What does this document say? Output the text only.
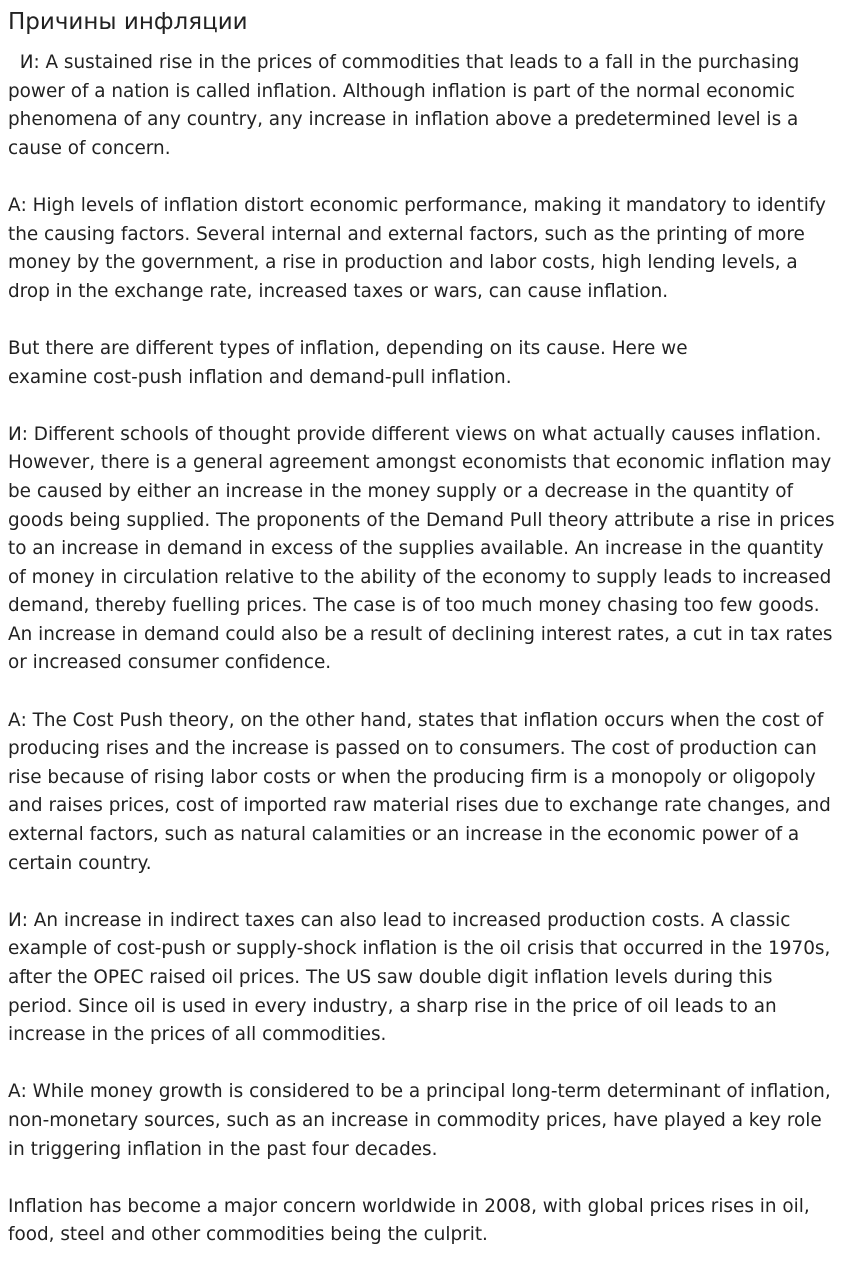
Причины инфляции
И: A sustained rise in the prices of commodities that leads to a fall in the purchasing power of a nation is called inflation. Although inflation is part of the normal economic phenomena of any country, any increase in inflation above a predetermined level is a cause of concern.

А: High levels of inflation distort economic performance, making it mandatory to identify the causing factors. Several internal and external factors, such as the printing of more money by the government, a rise in production and labor costs, high lending levels, a drop in the exchange rate, increased taxes or wars, can cause inflation.

But there are different types of inflation, depending on its cause. Here we
examine cost-push inflation and demand-pull inflation.

И: Different schools of thought provide different views on what actually causes inflation. However, there is a general agreement amongst economists that economic inflation may be caused by either an increase in the money supply or a decrease in the quantity of goods being supplied. The proponents of the Demand Pull theory attribute a rise in prices to an increase in demand in excess of the supplies available. An increase in the quantity of money in circulation relative to the ability of the economy to supply leads to increased demand, thereby fuelling prices. The case is of too much money chasing too few goods. An increase in demand could also be a result of declining interest rates, a cut in tax rates or increased consumer confidence.

А: The Cost Push theory, on the other hand, states that inflation occurs when the cost of producing rises and the increase is passed on to consumers. The cost of production can rise because of rising labor costs or when the producing firm is a monopoly or oligopoly and raises prices, cost of imported raw material rises due to exchange rate changes, and external factors, such as natural calamities or an increase in the economic power of a certain country.

И: An increase in indirect taxes can also lead to increased production costs. A classic example of cost-push or supply-shock inflation is the oil crisis that occurred in the 1970s, after the OPEC raised oil prices. The US saw double digit inflation levels during this period. Since oil is used in every industry, a sharp rise in the price of oil leads to an increase in the prices of all commodities.

А: While money growth is considered to be a principal long-term determinant of inflation, non-monetary sources, such as an increase in commodity prices, have played a key role in triggering inflation in the past four decades.

Inflation has become a major concern worldwide in 2008, with global prices rises in oil, food, steel and other commodities being the culprit.
